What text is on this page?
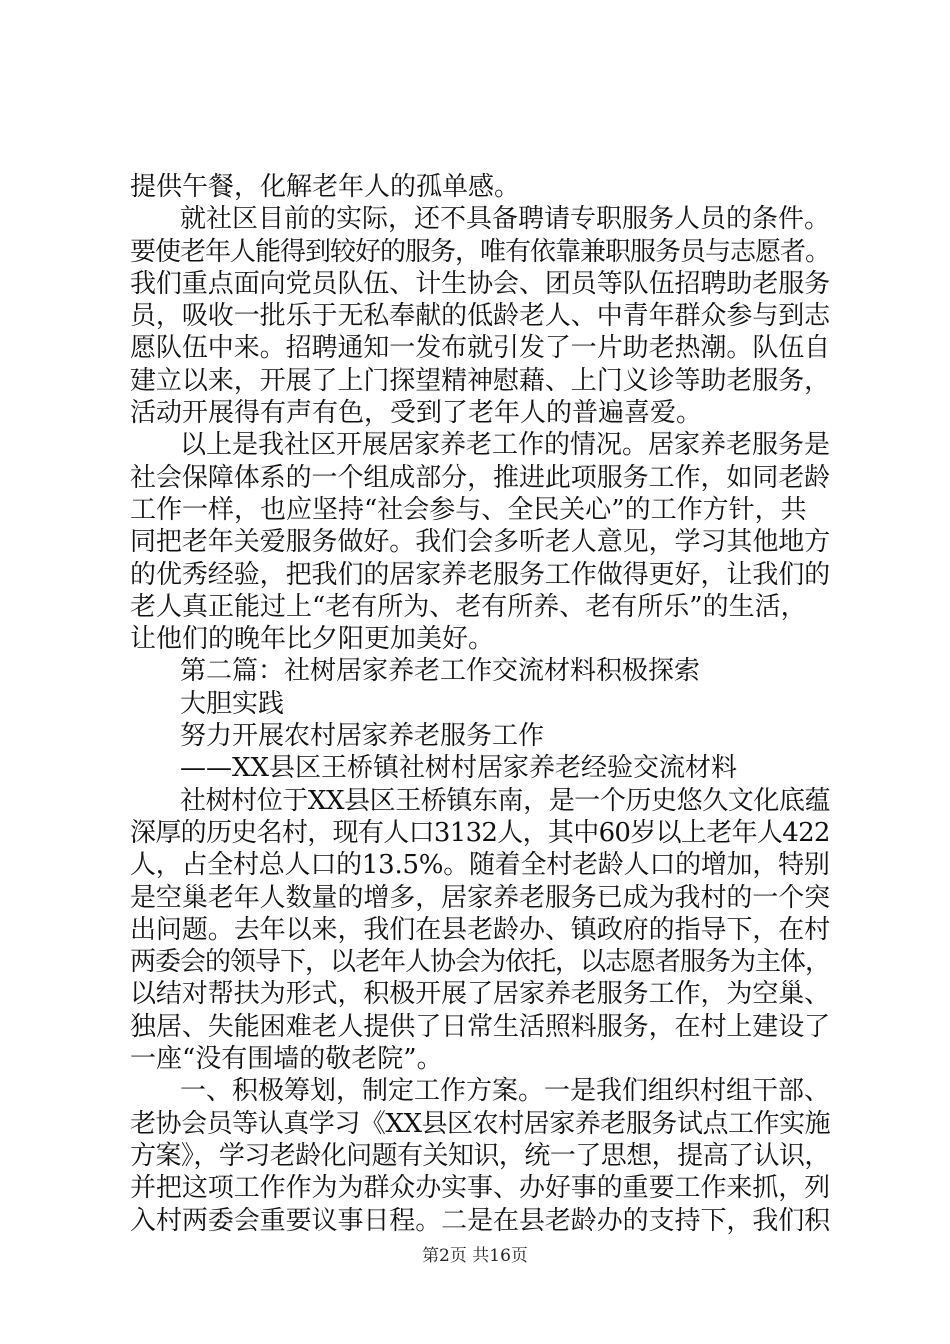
提供午餐，化解老年人的孤单感。
就社区目前的实际，还不具备聘请专职服务人员的条件。
要使老年人能得到较好的服务，唯有依靠兼职服务员与志愿者。
我们重点面向党员队伍、计生协会、团员等队伍招聘助老服务
员，吸收一批乐于无私奉献的低龄老人、中青年群众参与到志
愿队伍中来。招聘通知一发布就引发了一片助老热潮。队伍自
建立以来，开展了上门探望精神慰藉、上门义诊等助老服务，
活动开展得有声有色，受到了老年人的普遍喜爱。
以上是我社区开展居家养老工作的情况。居家养老服务是
社会保障体系的一个组成部分，推进此项服务工作，如同老龄
工作一样，也应坚持“社会参与、全民关心”的工作方针，共
同把老年关爱服务做好。我们会多听老人意见，学习其他地方
的优秀经验，把我们的居家养老服务工作做得更好，让我们的
老人真正能过上“老有所为、老有所养、老有所乐”的生活，
让他们的晚年比夕阳更加美好。
第二篇：社树居家养老工作交流材料积极探索
大胆实践
努力开展农村居家养老服务工作
——XX县区王桥镇社树村居家养老经验交流材料
社树村位于XX县区王桥镇东南，是一个历史悠久文化底蕴
深厚的历史名村，现有人口3132人，其中60岁以上老年人422
人，占全村总人口的13.5%。随着全村老龄人口的增加，特别
是空巢老年人数量的增多，居家养老服务已成为我村的一个突
出问题。去年以来，我们在县老龄办、镇政府的指导下，在村
两委会的领导下，以老年人协会为依托，以志愿者服务为主体，
以结对帮扶为形式，积极开展了居家养老服务工作，为空巢、
独居、失能困难老人提供了日常生活照料服务，在村上建设了
一座“没有围墙的敬老院”。
一、积极筹划，制定工作方案。一是我们组织村组干部、
老协会员等认真学习《XX县区农村居家养老服务试点工作实施
方案》，学习老龄化问题有关知识，统一了思想，提高了认识，
并把这项工作作为为群众办实事、办好事的重要工作来抓，列
入村两委会重要议事日程。二是在县老龄办的支持下，我们积
第2页 共16页
